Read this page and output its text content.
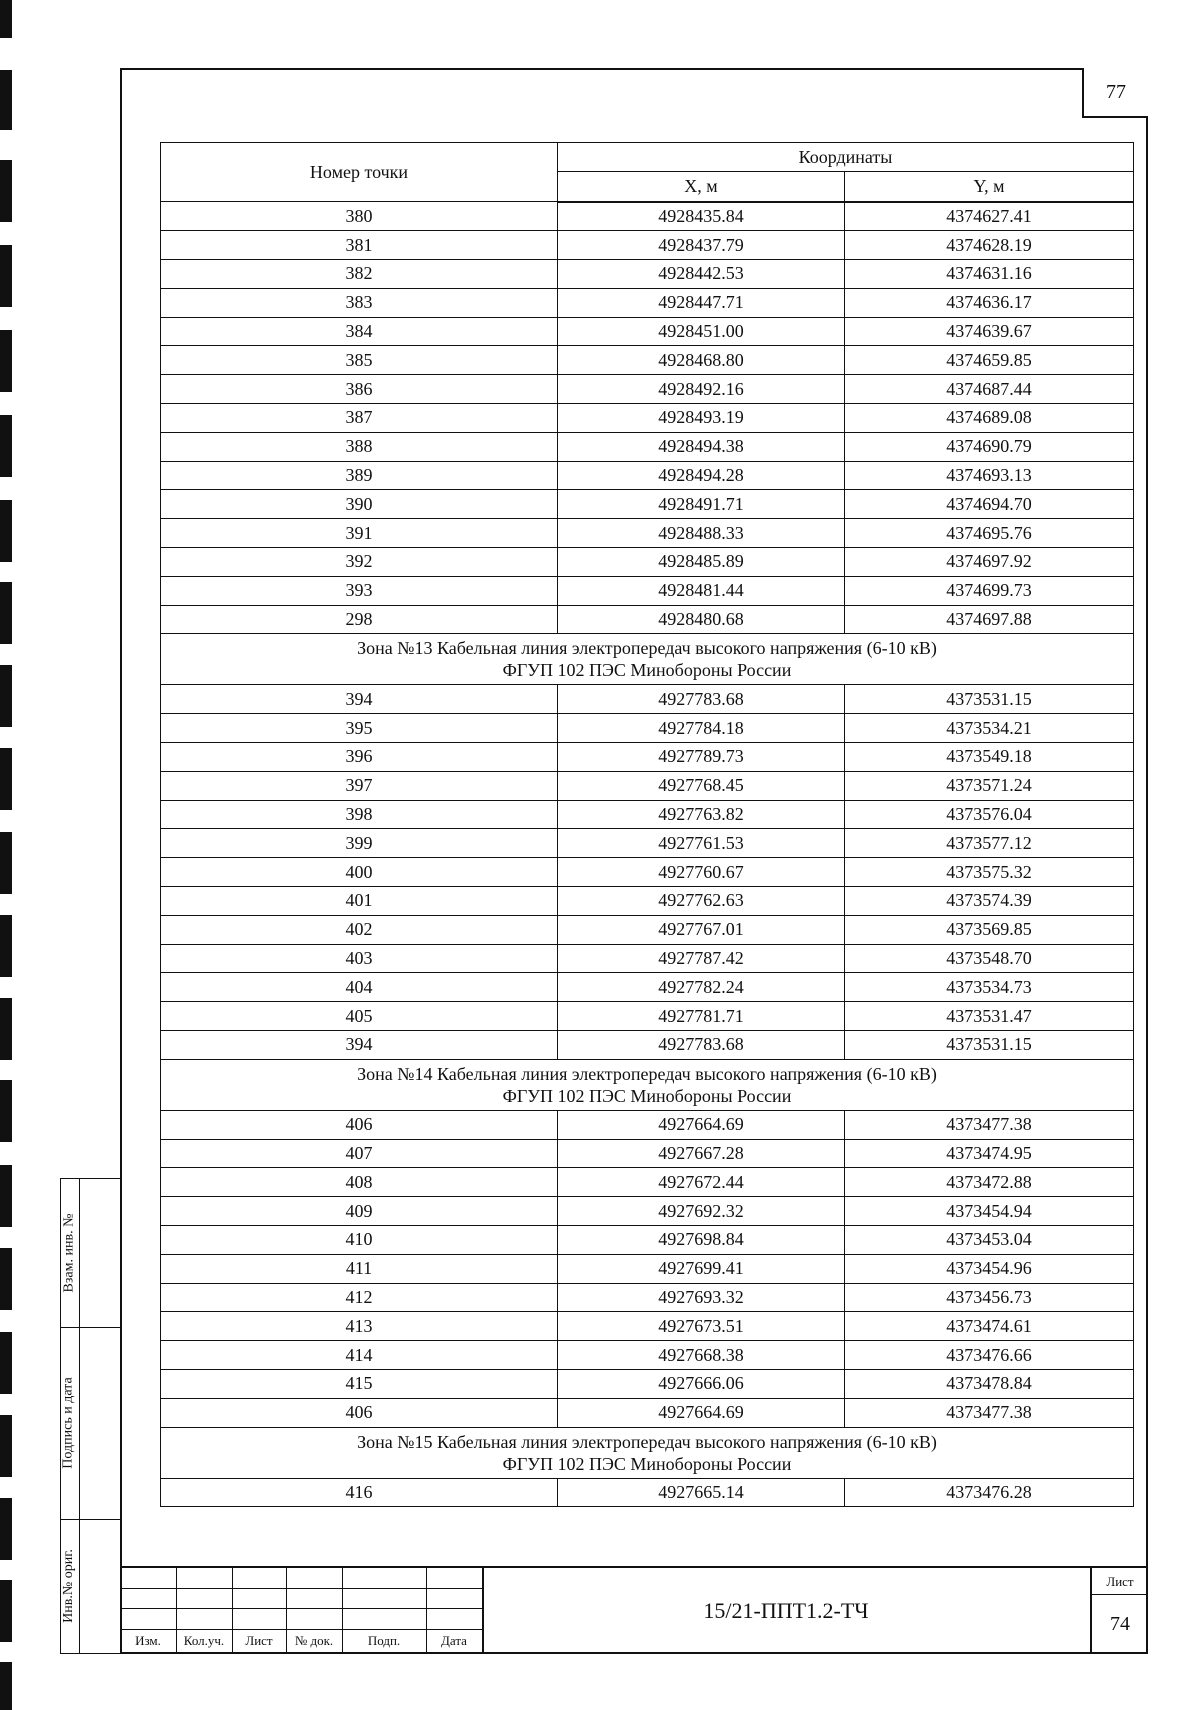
77
Номер точки	Координаты	
	X, м	Y, м
380	4928435.84	4374627.41
381	4928437.79	4374628.19
382	4928442.53	4374631.16
383	4928447.71	4374636.17
384	4928451.00	4374639.67
385	4928468.80	4374659.85
386	4928492.16	4374687.44
387	4928493.19	4374689.08
388	4928494.38	4374690.79
389	4928494.28	4374693.13
390	4928491.71	4374694.70
391	4928488.33	4374695.76
392	4928485.89	4374697.92
393	4928481.44	4374699.73
298	4928480.68	4374697.88

Зона №13 Кабельная линия электропередач высокого напряжения (6-10 кВ)
ФГУП 102 ПЭС Минобороны России		

394	4927783.68	4373531.15
395	4927784.18	4373534.21
396	4927789.73	4373549.18
397	4927768.45	4373571.24
398	4927763.82	4373576.04
399	4927761.53	4373577.12
400	4927760.67	4373575.32
401	4927762.63	4373574.39
402	4927767.01	4373569.85
403	4927787.42	4373548.70
404	4927782.24	4373534.73
405	4927781.71	4373531.47
394	4927783.68	4373531.15

Зона №14 Кабельная линия электропередач высокого напряжения (6-10 кВ)
ФГУП 102 ПЭС Минобороны России		

406	4927664.69	4373477.38
407	4927667.28	4373474.95
408	4927672.44	4373472.88
409	4927692.32	4373454.94
410	4927698.84	4373453.04
411	4927699.41	4373454.96
412	4927693.32	4373456.73
413	4927673.51	4373474.61
414	4927668.38	4373476.66
415	4927666.06	4373478.84
406	4927664.69	4373477.38

Зона №15 Кабельная линия электропередач высокого напряжения (6-10 кВ)
ФГУП 102 ПЭС Минобороны России		

416	4927665.14	4373476.28
Взам. инв. №
Подпись и дата
Инв.№ ориг.
Изм.	Кол.уч.	Лист	№ док.	Подп.	Дата
15/21-ППТ1.2-ТЧ
Лист
74
